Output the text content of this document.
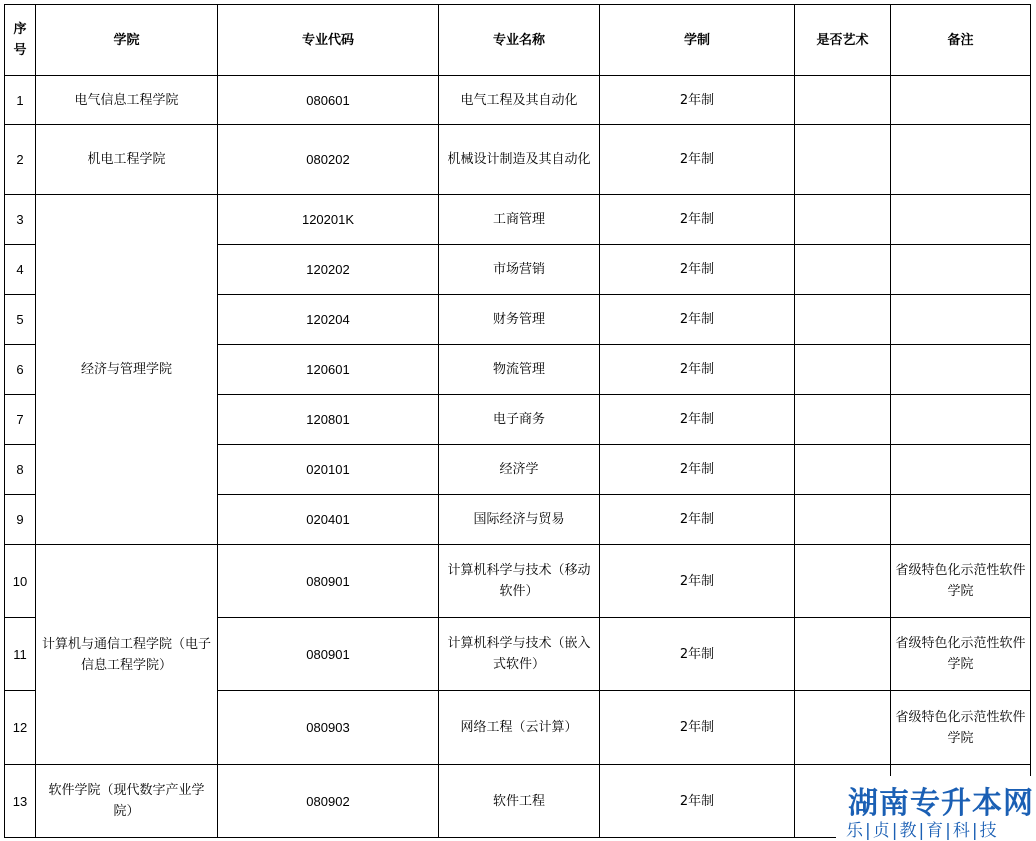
序号	学院	专业代码	专业名称	学制	是否艺术	备注
1	电气信息工程学院	080601	电气工程及其自动化	2年制		
2	机电工程学院	080202	机械设计制造及其自动化	2年制		
3	经济与管理学院	120201K	工商管理	2年制		
4		120202	市场营销	2年制		
5		120204	财务管理	2年制		
6		120601	物流管理	2年制		
7		120801	电子商务	2年制		
8		020101	经济学	2年制		
9		020401	国际经济与贸易	2年制		
10	计算机与通信工程学院（电子信息工程学院）	080901	计算机科学与技术（移动软件）	2年制		省级特色化示范性软件学院
11		080901	计算机科学与技术（嵌入式软件）	2年制		省级特色化示范性软件学院
12		080903	网络工程（云计算）	2年制		省级特色化示范性软件学院
13	软件学院（现代数字产业学院）	080902	软件工程	2年制			湖南专升本网
乐|贞|教|育|科|技
